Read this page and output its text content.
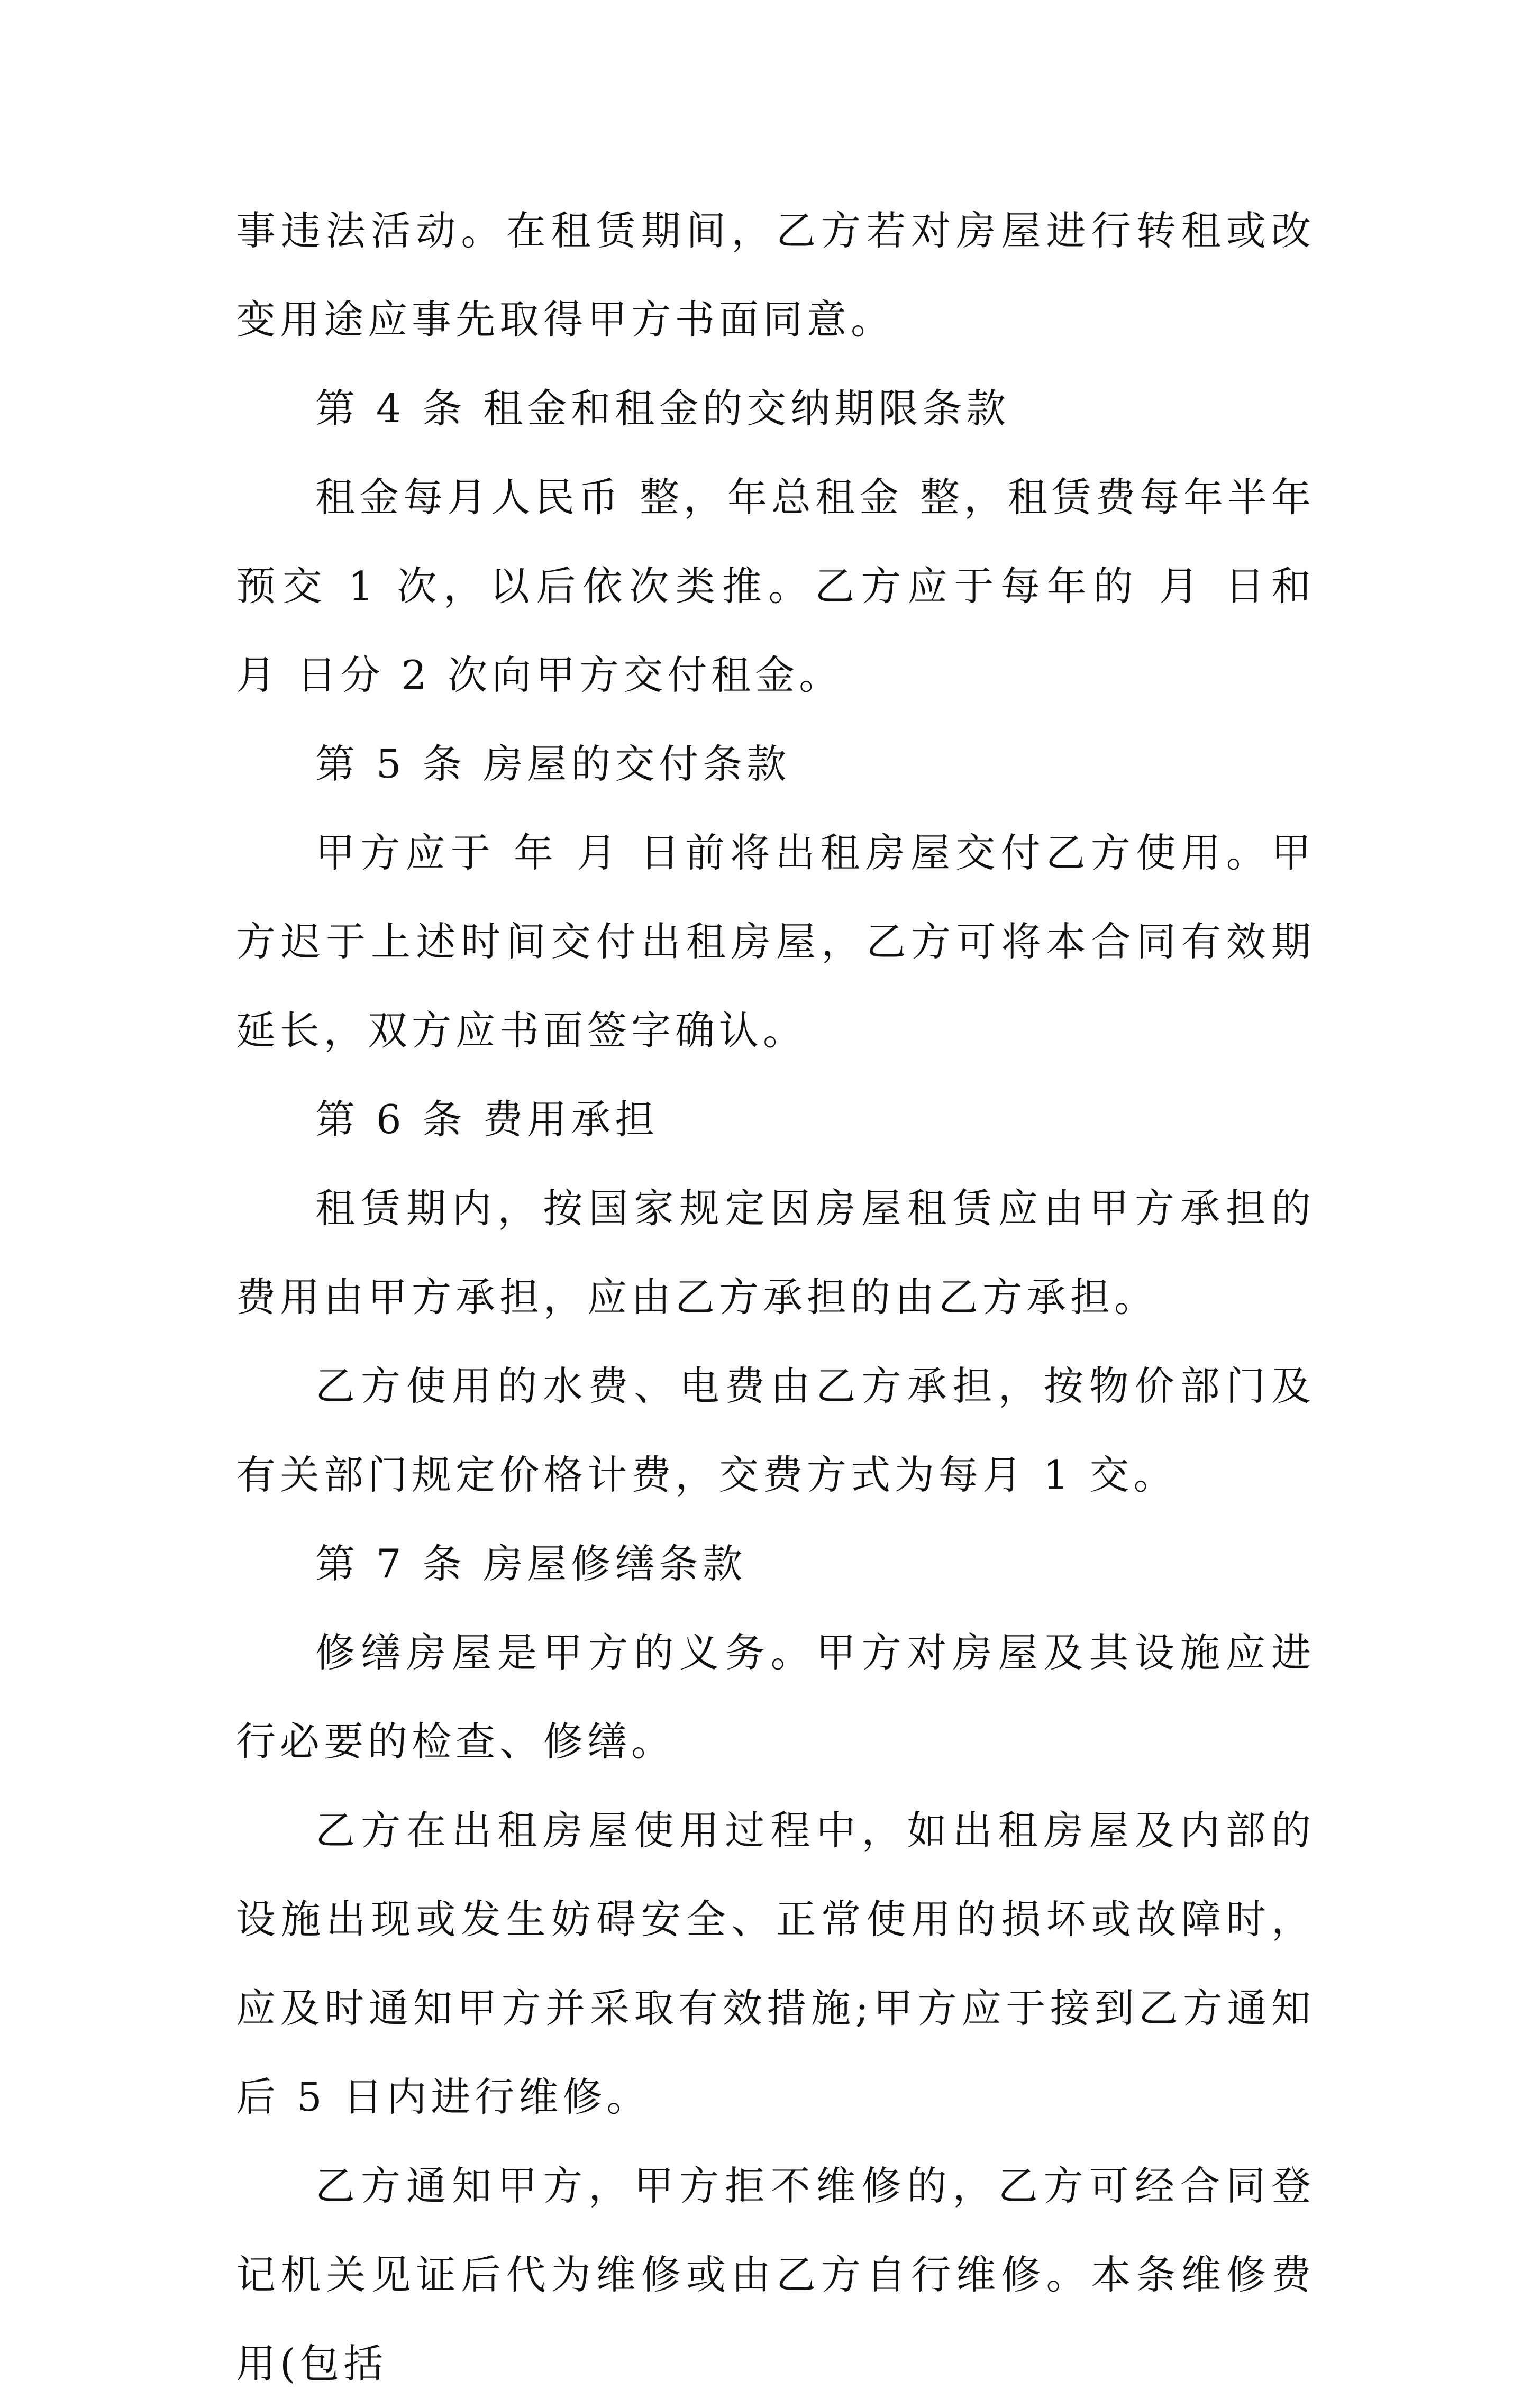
事违法活动。在租赁期间，乙方若对房屋进行转租或改变用途应事先取得甲方书面同意。

第 4 条 租金和租金的交纳期限条款

租金每月人民币 整，年总租金 整，租赁费每年半年预交 1 次，以后依次类推。乙方应于每年的 月 日和 月 日分 2 次向甲方交付租金。

第 5 条 房屋的交付条款

甲方应于 年 月 日前将出租房屋交付乙方使用。甲方迟于上述时间交付出租房屋，乙方可将本合同有效期延长，双方应书面签字确认。

第 6 条 费用承担

租赁期内，按国家规定因房屋租赁应由甲方承担的费用由甲方承担，应由乙方承担的由乙方承担。

乙方使用的水费、电费由乙方承担，按物价部门及有关部门规定价格计费，交费方式为每月 1 交。

第 7 条 房屋修缮条款

修缮房屋是甲方的义务。甲方对房屋及其设施应进行必要的检查、修缮。

乙方在出租房屋使用过程中，如出租房屋及内部的设施出现或发生妨碍安全、正常使用的损坏或故障时，应及时通知甲方并采取有效措施;甲方应于接到乙方通知后 5 日内进行维修。

乙方通知甲方，甲方拒不维修的，乙方可经合同登记机关见证后代为维修或由乙方自行维修。本条维修费用(包括
